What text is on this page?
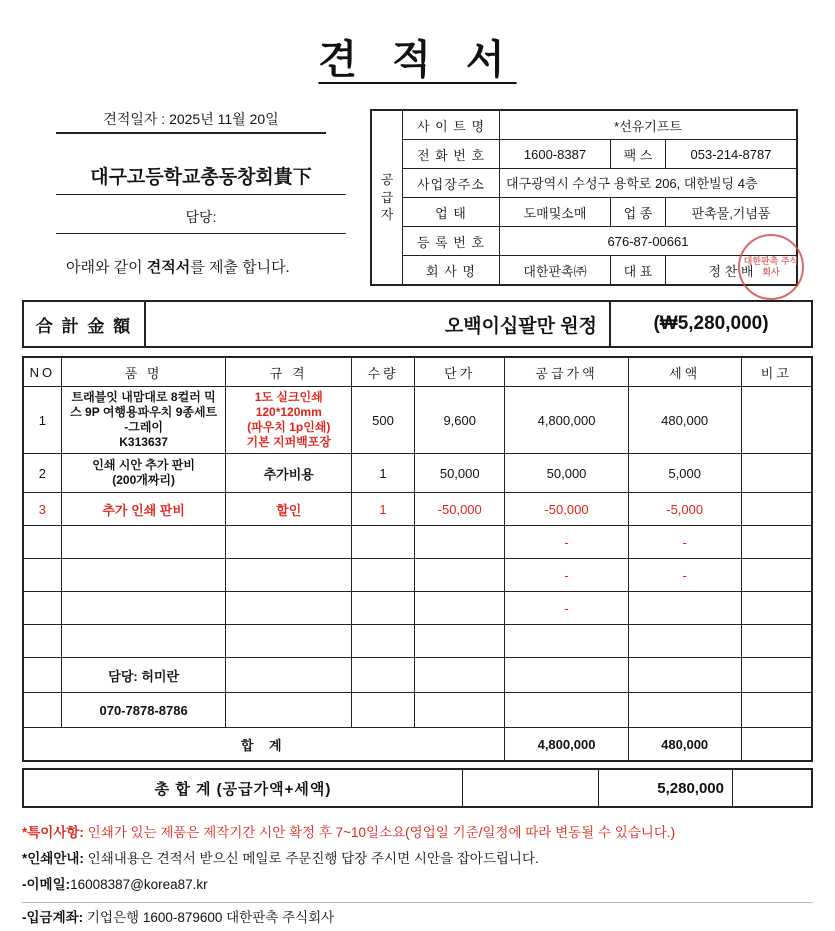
견 적 서
견적일자 : 2025년 11월 20일
대구고등학교총동창회貴下
담당:
아래와 같이 견적서를 제출 합니다.
공
급
자	사 이 트 명	*선유기프트		
	전 화 번 호	1600-8387	팩 스	053-214-8787
	사업장주소	대구광역시 수성구 용학로 206, 대한빌딩 4층		
	업 태	도매및소매	업 종	판촉물,기념품
	등 록 번 호	676-87-00661		
	회 사 명	대한판촉㈜	대 표	정 찬 배
대한판촉 주식회사
合 計 金 額	오백이십팔만 원정	(₩5,280,000)
NO	품 명	규 격	수량	단가	공급가액	세액	비고
1	트래블잇 내맘대로 8컬러 믹
스 9P 여행용파우치 9종세트
-그레이
K313637	1도 실크인쇄
120*120mm
(파우치 1p인쇄)
기본 지퍼백포장	500	9,600	4,800,000	480,000	
2	인쇄 시안 추가 판비
(200개짜리)	추가비용	1	50,000	50,000	5,000	
3	추가 인쇄 판비	할인	1	-50,000	-50,000	-5,000	
					-	-	
					-	-	
					-		

	담당: 허미란						
	070-7878-8786						
합 계					4,800,000	480,000	
총 합 계 (공급가액+세액)	5,280,000
*특이사항: 인쇄가 있는 제품은 제작기간 시안 확정 후 7~10일소요(영업일 기준/일정에 따라 변동될 수 있습니다.)
*인쇄안내: 인쇄내용은 견적서 받으신 메일로 주문진행 답장 주시면 시안을 잡아드립니다.
-이메일:16008387@korea87.kr
-입금계좌: 기업은행 1600-879600 대한판촉 주식회사
